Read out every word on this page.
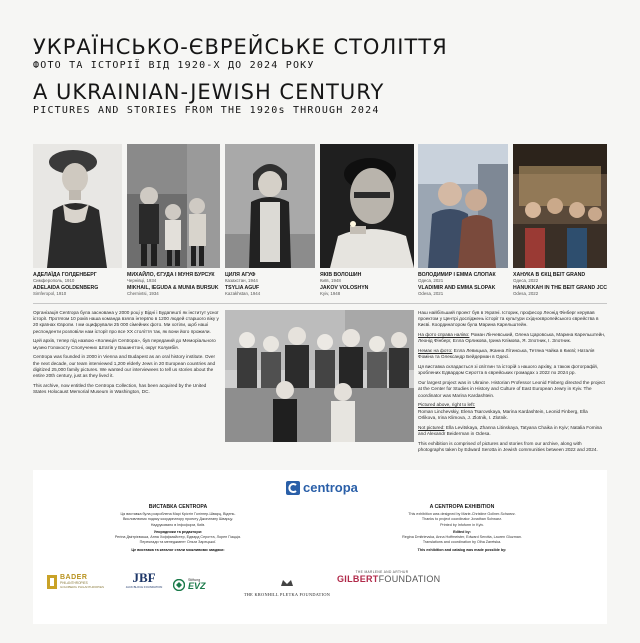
УКРАЇНСЬКО-ЄВРЕЙСЬКЕ СТОЛІТТЯ
ФОТО ТА ІСТОРІЇ ВІД 1920-Х ДО 2024 РОКУ
A UKRAINIAN-JEWISH CENTURY
PICTURES AND STORIES FROM THE 1920s THROUGH 2024
АДЕЛАЇДА ГОЛДЕНБЕРГ
Симферополь, 1910
ADELAIDA GOLDENBERG
Simferopol, 1910
МИХАЙЛО, ЄГУДА І МУНЯ БУРСУК
Чернівці, 1934
MIKHAIL, IEGUDA & MUNIA BURSUK
Chernivtsi, 1934
ЦИЛЯ АГУФ
Казахстан, 1944
TSYLIA AGUF
Kazakhstan, 1944
ЯКІВ ВОЛОШИН
Київ, 1948
JAKOV VOLOSHYN
Kyiv, 1948
ВОЛОДИМИР І ЕММА СЛОПАК
Одеса, 2021
VLADIMIR AND EMMA SLOPAK
Odesa, 2021
ХАНУКА В ЄКЦ BEIT GRAND
Одеса, 2022
HANUKKAH IN THE BEIT GRAND JCC
Odesa, 2022

Організація Centropa була заснована у 2000 році у Відні і Будапешті як інститут усної історії. Протягом 10 років наша команда взяла інтерв'ю в 1200 людей старшого віку у 20 країнах Європи. І ми оцифрували 25 000 сімейних фото. Ми хотіли, щоб наші респонденти розповіли нам історії про все ХХ століття так, як вони його прожили.

Цей архів, тепер під назвою «Колекція Centropa», був переданий до Меморіального музею Голокосту Сполучених Штатів у Вашингтоні, округ Колумбія.

Centropa was founded in 2000 in Vienna and Budapest as an oral history institute. Over the next decade, our team interviewed 1,200 elderly Jews in 20 European countries and digitized 25,000 family pictures. We wanted our interviewees to tell us stories about the entire 20th century, just as they lived it.

This archive, now entitled the Centropa Collection, has been acquired by the United States Holocaust Memorial Museum in Washington, DC.

Наш найбільший проект був в Україні. Історик, професор Леонід Фінберг керував проектом у Центрі досліджень історії та культури східноєвропейського єврейства в Києві. Координатором була Марина Карельштейн.

На фото справа наліво: Роман Лінчевський, Олена Царовська, Марина Карельштейн, Леонід Фінберг, Елла Орликова, Ірина Клімова, Я. Злотник, І. Злотник.

Немає на фото: Елла Левицька, Жанна Літинська, Тетяна Чайка в Києві; Наталія Фоміна та Олександр Бейдерман в Одесі.

Ця виставка складається зі світлин та історій з нашого архіву, а також фотографій, зроблених Едвардом Серотта в єврейських громадах з 2022 по 2024 рр.

Our largest project was in Ukraine. Historian Professor Leonid Finberg directed the project at the Center for Studies in History and Culture of East European Jewry in Kyiv. The coordinator was Marina Kardashtein.

Pictured above, right to left:
Roman Linchevskiy, Elena Tsarovskaya, Marina Kardashtein, Leonid Finberg, Ella Orlikova, Irina Klimova, J. Zlotnik, I. Zlotnik.

Not pictured: Ella Levitskaya, Zhanna Litinskaya, Tatyana Chaika in Kyiv; Natalia Fomina and Alexandr Beiderman in Odesa.

This exhibition is comprised of pictures and stories from our archive, along with photographs taken by Edward Serotta in Jewish communities between 2022 and 2024.

centropa
ВИСТАВКА CENTROPA
Ця виставка була розроблена Марі Крістін Голінгер-Шварц, Відень.
Висловлюємо подяку координатору проекту Джонатану Шварцу.
Надруковано в Інфоформ, Київ.
Упорядники та редактори:
Регіна Дмітрієвська, Анна Хоффмайстер, Едвард Серотта, Лорен Гіацція.
Переклади та менеджмент Ольги Зарецької.
Це виставка та каталог стали можливими завдяки:
A CENTROPA EXHIBITION
This exhibition was designed by Marie-Christine Gollner-Schwarz.
Thanks to project coordinator Jonathan Schwarz.
Printed by Infoform in Kyiv.
Edited by:
Regina Dmitrievska, Anna Hoffmeister, Edward Serotta, Lauren Gluzman.
Translations and coordination by Olha Zaretska.
This exhibition and catalog was made possible by:
BADER
PHILANTHROPIES
GOLDBERG PHILANTHROPIES
JBF
JACK BLOCH FOUNDATION
Stiftung
EVZ
THE KRONHILL PLETKA FOUNDATION
THE MARLENE AND ARTHUR
GILBERTFOUNDATION
